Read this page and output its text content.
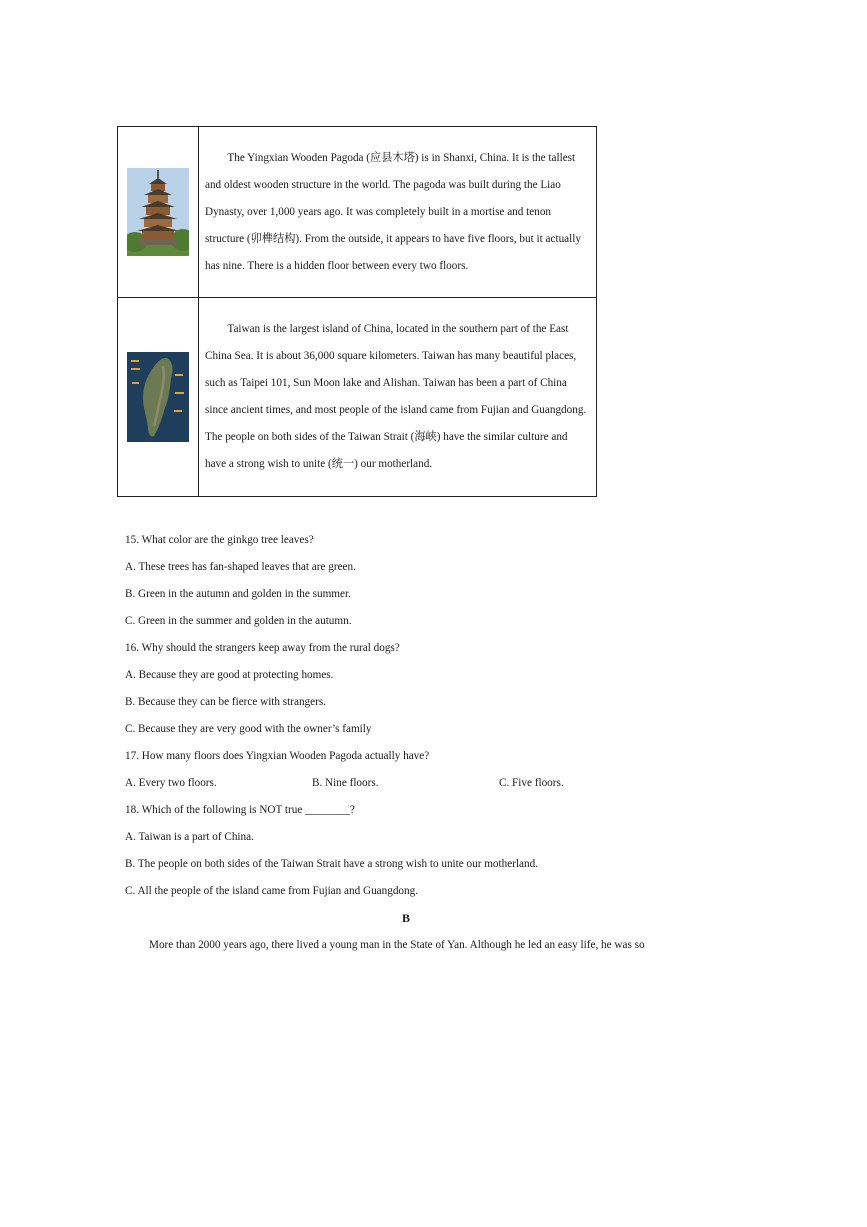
The Yingxian Wooden Pagoda (应县木塔) is in Shanxi, China. It is the tallest and oldest wooden structure in the world. The pagoda was built during the Liao Dynasty, over 1,000 years ago. It was completely built in a mortise and tenon structure (卯榫结构). From the outside, it appears to have five floors, but it actually has nine. There is a hidden floor between every two floors.

Taiwan is the largest island of China, located in the southern part of the East China Sea. It is about 36,000 square kilometers. Taiwan has many beautiful places, such as Taipei 101, Sun Moon lake and Alishan. Taiwan has been a part of China since ancient times, and most people of the island came from Fujian and Guangdong. The people on both sides of the Taiwan Strait (海峡) have the similar culture and have a strong wish to unite (统一) our motherland.

15. What color are the ginkgo tree leaves?
A. These trees has fan-shaped leaves that are green.
B. Green in the autumn and golden in the summer.
C. Green in the summer and golden in the autumn.
16. Why should the strangers keep away from the rural dogs?
A. Because they are good at protecting homes.
B. Because they can be fierce with strangers.
C. Because they are very good with the owner’s family
17. How many floors does Yingxian Wooden Pagoda actually have?
A. Every two floors.	B. Nine floors.	C. Five floors.
18. Which of the following is NOT true ________?
A. Taiwan is a part of China.
B. The people on both sides of the Taiwan Strait have a strong wish to unite our motherland.
C. All the people of the island came from Fujian and Guangdong.
B
More than 2000 years ago, there lived a young man in the State of Yan. Although he led an easy life, he was so
